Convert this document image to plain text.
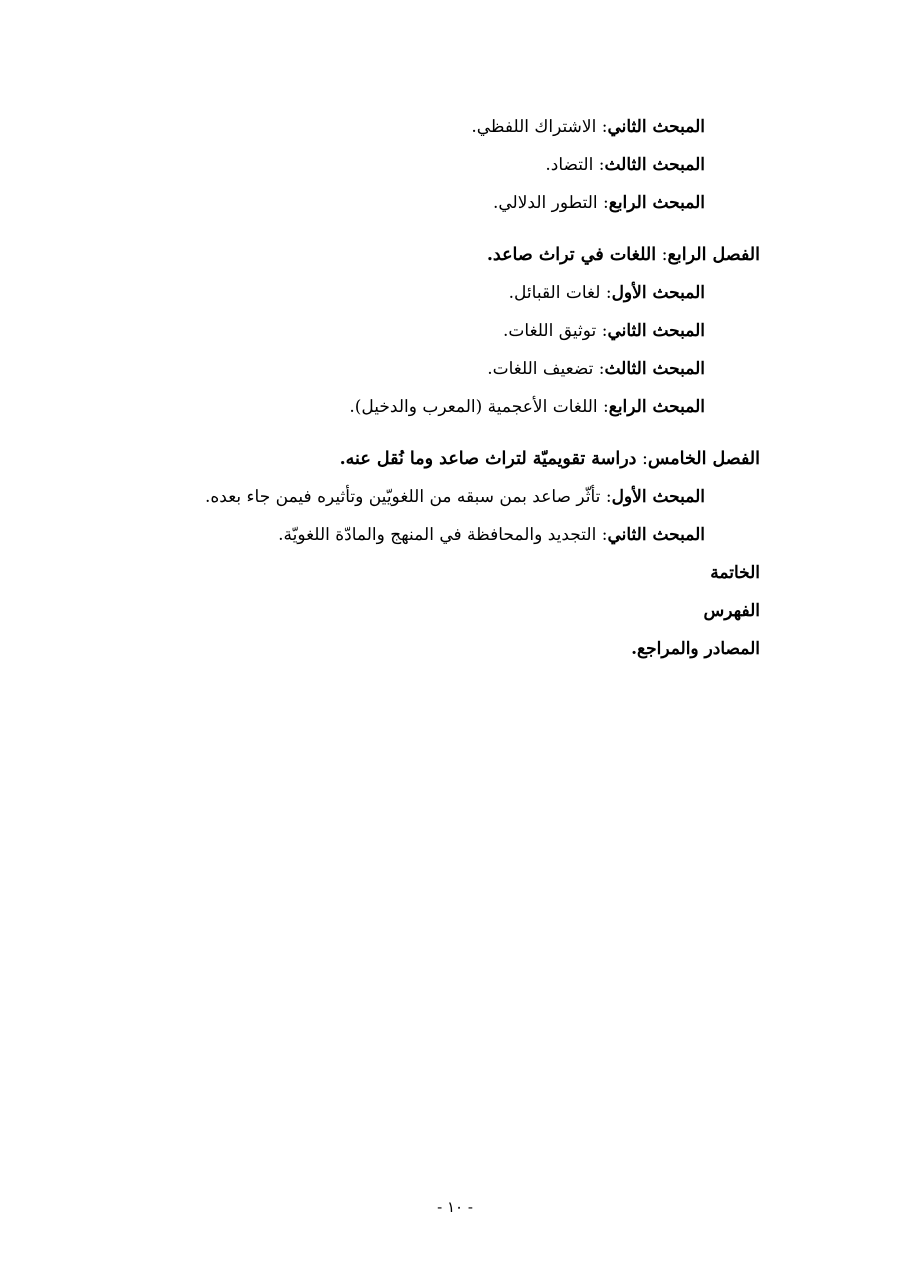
المبحث الثاني: الاشتراك اللفظي.
المبحث الثالث: التضاد.
المبحث الرابع: التطور الدلالي.
الفصل الرابع: اللغات في تراث صاعد.
المبحث الأول: لغات القبائل.
المبحث الثاني: توثيق اللغات.
المبحث الثالث: تضعيف اللغات.
المبحث الرابع: اللغات الأعجمية (المعرب والدخيل).
الفصل الخامس: دراسة تقويميّة لتراث صاعد وما نُقل عنه.
المبحث الأول: تأثّر صاعد بمن سبقه من اللغويّين وتأثيره فيمن جاء بعده.
المبحث الثاني: التجديد والمحافظة في المنهج والمادّة اللغويّة.
الخاتمة
الفهرس
المصادر والمراجع.
- ١٠ -
